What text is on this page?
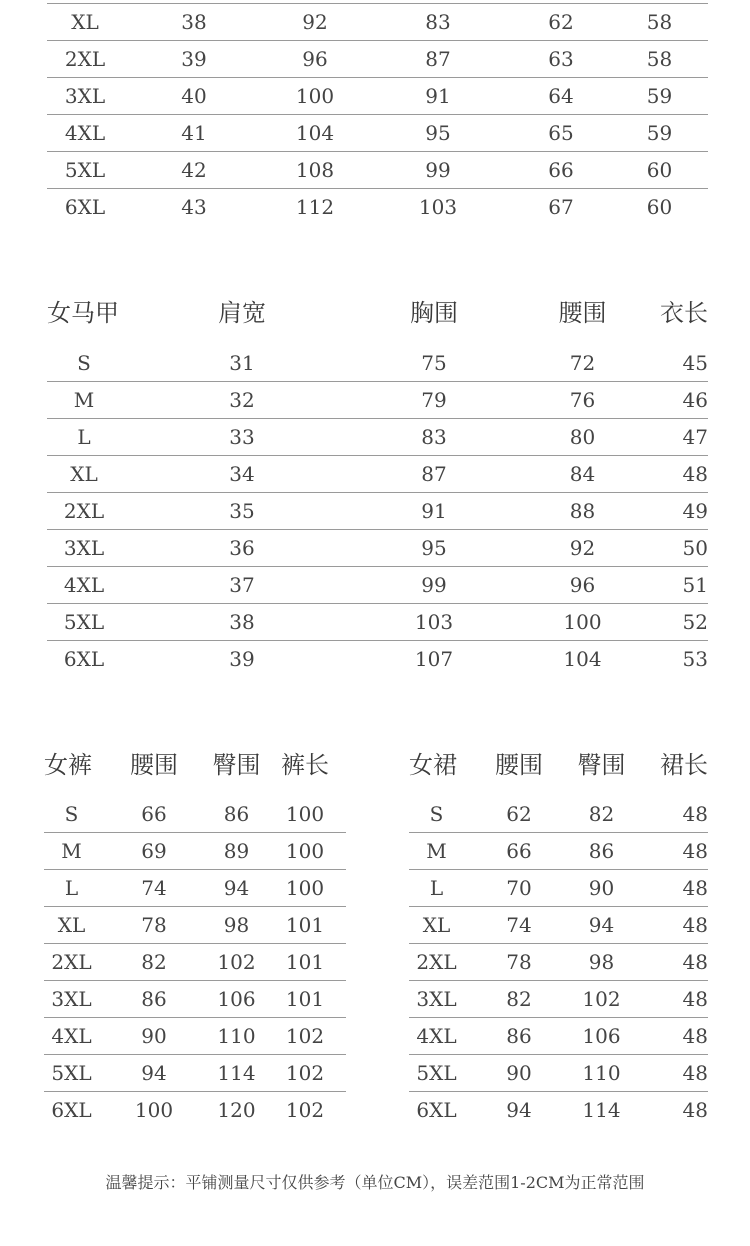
XL	38	92	83	62	58
2XL	39	96	87	63	58
3XL	40	100	91	64	59
4XL	41	104	95	65	59
5XL	42	108	99	66	60
6XL	43	112	103	67	60
女马甲	肩宽	胸围	腰围	衣长
S	31	75	72	45
M	32	79	76	46
L	33	83	80	47
XL	34	87	84	48
2XL	35	91	88	49
3XL	36	95	92	50
4XL	37	99	96	51
5XL	38	103	100	52
6XL	39	107	104	53
女裤	腰围	臀围 裤长
S	66	86	100
M	69	89	100
L	74	94	100
XL	78	98	101
2XL	82	102	101
3XL	86	106	101
4XL	90	110	102
5XL	94	114	102
6XL	100	120	102
女裙	腰围	臀围	裙长
S	62	82	48
M	66	86	48
L	70	90	48
XL	74	94	48
2XL	78	98	48
3XL	82	102	48
4XL	86	106	48
5XL	90	110	48
6XL	94	114	48
温馨提示：平铺测量尺寸仅供参考（单位CM），误差范围1-2CM为正常范围
